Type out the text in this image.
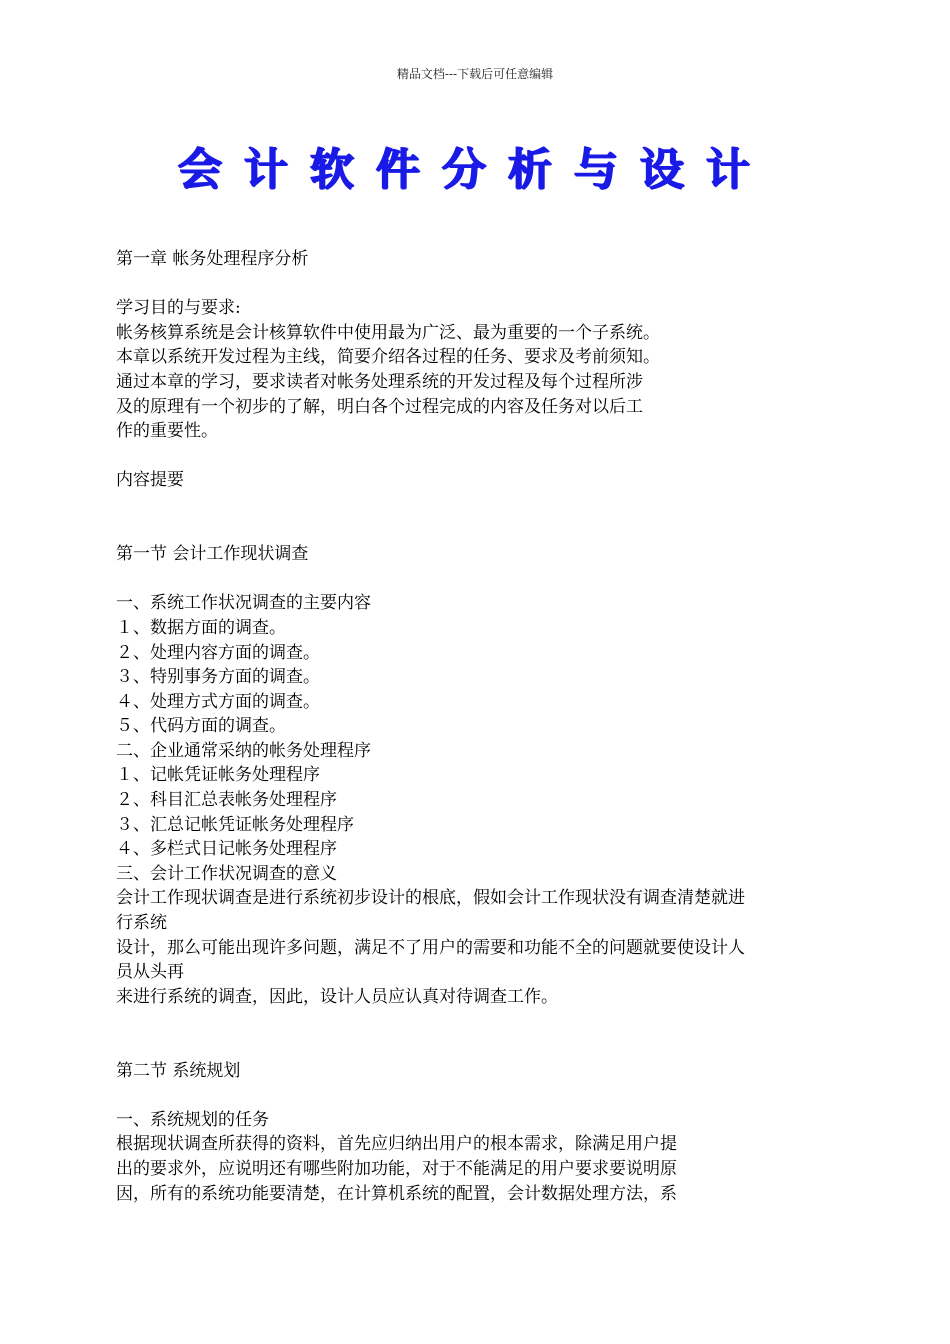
精品文档---下载后可任意编辑
会计软件分析与设计
第一章 帐务处理程序分析
学习目的与要求:
帐务核算系统是会计核算软件中使用最为广泛、最为重要的一个子系统。
本章以系统开发过程为主线，简要介绍各过程的任务、要求及考前须知。
通过本章的学习，要求读者对帐务处理系统的开发过程及每个过程所涉
及的原理有一个初步的了解，明白各个过程完成的内容及任务对以后工
作的重要性。
内容提要
第一节 会计工作现状调查
一、系统工作状况调查的主要内容
１、数据方面的调查。
２、处理内容方面的调查。
３、特别事务方面的调查。
４、处理方式方面的调查。
５、代码方面的调查。
二、企业通常采纳的帐务处理程序
１、记帐凭证帐务处理程序
２、科目汇总表帐务处理程序
３、汇总记帐凭证帐务处理程序
４、多栏式日记帐务处理程序
三、会计工作状况调查的意义
会计工作现状调查是进行系统初步设计的根底，假如会计工作现状没有调查清楚就进
行系统
设计，那么可能出现许多问题，满足不了用户的需要和功能不全的问题就要使设计人
员从头再
来进行系统的调查，因此，设计人员应认真对待调查工作。
第二节 系统规划
一、系统规划的任务
根据现状调查所获得的资料，首先应归纳出用户的根本需求，除满足用户提
出的要求外，应说明还有哪些附加功能，对于不能满足的用户要求要说明原
因，所有的系统功能要清楚，在计算机系统的配置，会计数据处理方法，系
